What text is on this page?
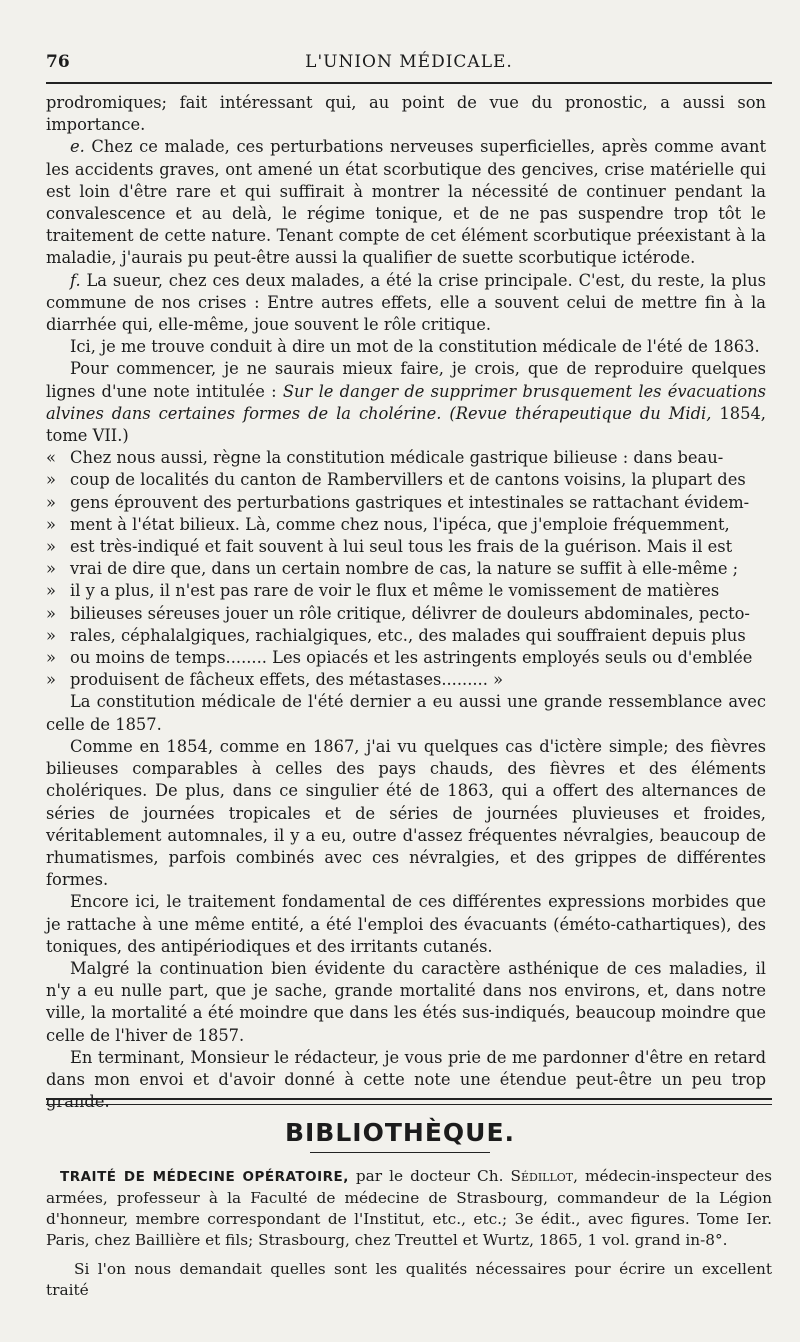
76	L'UNION MÉDICALE.

prodromiques; fait intéressant qui, au point de vue du pronostic, a aussi son importance.

e. Chez ce malade, ces perturbations nerveuses superficielles, après comme avant les accidents graves, ont amené un état scorbutique des gencives, crise matérielle qui est loin d'être rare et qui suffirait à montrer la nécessité de continuer pendant la convalescence et au delà, le régime tonique, et de ne pas suspendre trop tôt le traitement de cette nature. Tenant compte de cet élément scorbutique préexistant à la maladie, j'aurais pu peut-être aussi la qualifier de suette scorbutique ictérode.

f. La sueur, chez ces deux malades, a été la crise principale. C'est, du reste, la plus commune de nos crises : Entre autres effets, elle a souvent celui de mettre fin à la diarrhée qui, elle-même, joue souvent le rôle critique.

Ici, je me trouve conduit à dire un mot de la constitution médicale de l'été de 1863.

Pour commencer, je ne saurais mieux faire, je crois, que de reproduire quelques lignes d'une note intitulée : Sur le danger de supprimer brusquement les évacuations alvines dans certaines formes de la cholérine. (Revue thérapeutique du Midi, 1854, tome VII.)

« Chez nous aussi, règne la constitution médicale gastrique bilieuse : dans beau-
» coup de localités du canton de Rambervillers et de cantons voisins, la plupart des
» gens éprouvent des perturbations gastriques et intestinales se rattachant évidem-
» ment à l'état bilieux. Là, comme chez nous, l'ipéca, que j'emploie fréquemment,
» est très-indiqué et fait souvent à lui seul tous les frais de la guérison. Mais il est
» vrai de dire que, dans un certain nombre de cas, la nature se suffit à elle-même ;
» il y a plus, il n'est pas rare de voir le flux et même le vomissement de matières
» bilieuses séreuses jouer un rôle critique, délivrer de douleurs abdominales, pecto-
» rales, céphalalgiques, rachialgiques, etc., des malades qui souffraient depuis plus
» ou moins de temps........ Les opiacés et les astringents employés seuls ou d'emblée
» produisent de fâcheux effets, des métastases......... »

La constitution médicale de l'été dernier a eu aussi une grande ressemblance avec celle de 1857.

Comme en 1854, comme en 1867, j'ai vu quelques cas d'ictère simple; des fièvres bilieuses comparables à celles des pays chauds, des fièvres et des éléments cholériques. De plus, dans ce singulier été de 1863, qui a offert des alternances de séries de journées tropicales et de séries de journées pluvieuses et froides, véritablement automnales, il y a eu, outre d'assez fréquentes névralgies, beaucoup de rhumatismes, parfois combinés avec ces névralgies, et des grippes de différentes formes.

Encore ici, le traitement fondamental de ces différentes expressions morbides que je rattache à une même entité, a été l'emploi des évacuants (éméto-cathartiques), des toniques, des antipériodiques et des irritants cutanés.

Malgré la continuation bien évidente du caractère asthénique de ces maladies, il n'y a eu nulle part, que je sache, grande mortalité dans nos environs, et, dans notre ville, la mortalité a été moindre que dans les étés sus-indiqués, beaucoup moindre que celle de l'hiver de 1857.

En terminant, Monsieur le rédacteur, je vous prie de me pardonner d'être en retard dans mon envoi et d'avoir donné à cette note une étendue peut-être un peu trop grande.

BIBLIOTHÈQUE.

TRAITÉ DE MÉDECINE OPÉRATOIRE, par le docteur Ch. Sédillot, médecin-inspecteur des armées, professeur à la Faculté de médecine de Strasbourg, commandeur de la Légion d'honneur, membre correspondant de l'Institut, etc., etc.; 3e édit., avec figures. Tome Ier. Paris, chez Baillière et fils; Strasbourg, chez Treuttel et Wurtz, 1865, 1 vol. grand in-8°.

Si l'on nous demandait quelles sont les qualités nécessaires pour écrire un excellent traité
